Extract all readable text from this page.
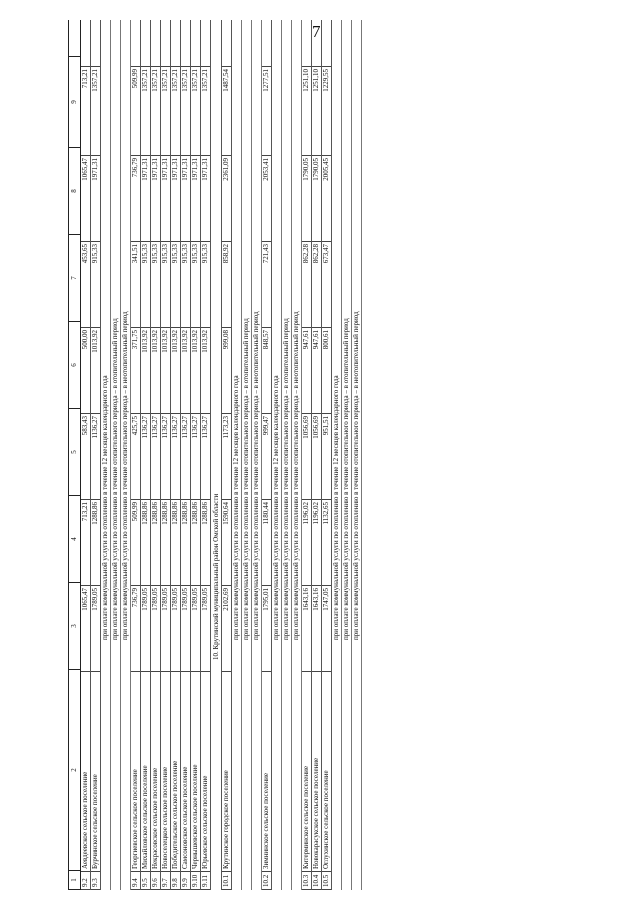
7
1
2
3
4
5
6
7
8
9
9.2
Аевдеевское сельское поселение
1065,47
713,21
583,43
500,00
453,65
1065,47
713,21
9.3
Бурчинское сельское поселение
1789,05
1288,86
1136,27
1013,92
915,33
1971,31
1357,21
при оплате коммунальной услуги по отоплению в течение 12 месяцев календарного года при оплате коммунальной услуги по отоплению в течение отопительного периода – в отопительный период при оплате коммунальной услуги по отоплению в течение отопительного периода – в неотопительный период
9.4
Георгиевское сельское поселение
736,79
509,99
425,75
371,75
341,51
736,79
509,99
9.5
Михайловское сельское поселение
1789,05
1288,86
1136,27
1013,92
915,33
1971,31
1357,21
9.6
Некрасовское сельское поселение
1789,05
1288,86
1136,27
1013,92
915,33
1971,31
1357,21
9.7
Новоселецкое сельское поселение
1789,05
1288,86
1136,27
1013,92
915,33
1971,31
1357,21
9.8
Победительское сельское поселение
1789,05
1288,86
1136,27
1013,92
915,33
1971,31
1357,21
9.9
Самсоновское сельское поселение
1789,05
1288,86
1136,27
1013,92
915,33
1971,31
1357,21
9.10
Чернышевское сельское поселение
1789,05
1288,86
1136,27
1013,92
915,33
1971,31
1357,21
9.11
Юрьевское сельское поселение
1789,05
1288,86
1136,27
1013,92
915,33
1971,31
1357,21
10. Крутинский муниципальный район Омской области
10.1
Крутинское городское поселение
2102,69
1590,64
1173,23
999,08
858,92
2361,09
1487,54
при оплате коммунальной услуги по отоплению в течение 12 месяцев календарного года при оплате коммунальной услуги по отоплению в течение отопительного периода – в отопительный период при оплате коммунальной услуги по отоплению в течение отопительного периода – в неотопительный период
10.2
Зимнинское сельское поселение
1795,01
1180,44
999,47
848,57
721,43
2053,41
1277,51
при оплате коммунальной услуги по отоплению в течение 12 месяцев календарного года при оплате коммунальной услуги по отоплению в течение отопительного периода – в отопительный период при оплате коммунальной услуги по отоплению в течение отопительного периода – в неотопительный период
10.3
Китерминское сельское поселение
1643,16
1196,02
1056,69
947,61
862,28
1790,05
1251,10
10.4
Новокарасукское сельское поселение
1643,16
1196,02
1056,69
947,61
862,28
1790,05
1251,10
10.5
Оглухинское сельское поселение
1747,05
1132,65
951,51
800,61
673,47
2005,45
1229,55
при оплате коммунальной услуги по отоплению в течение 12 месяцев календарного года при оплате коммунальной услуги по отоплению в течение отопительного периода – в отопительный период при оплате коммунальной услуги по отоплению в течение отопительного периода – в неотопительный период
